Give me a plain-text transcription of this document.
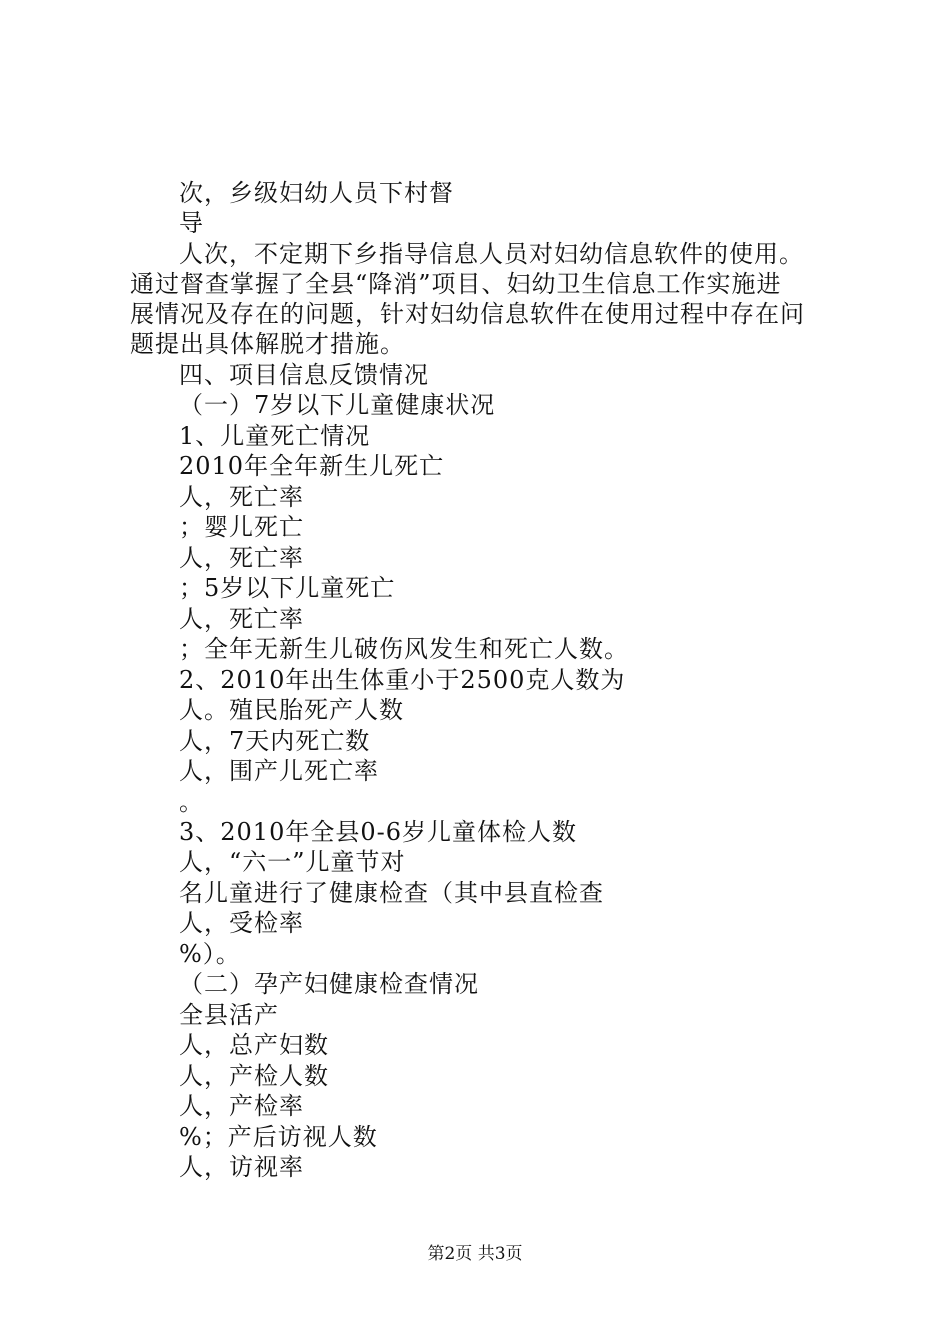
次，乡级妇幼人员下村督
导
人次，不定期下乡指导信息人员对妇幼信息软件的使用。
通过督查掌握了全县“降消”项目、妇幼卫生信息工作实施进
展情况及存在的问题，针对妇幼信息软件在使用过程中存在问
题提出具体解脱才措施。
四、项目信息反馈情况
（一）7岁以下儿童健康状况
1、儿童死亡情况
2010年全年新生儿死亡
人，死亡率
；婴儿死亡
人，死亡率
；5岁以下儿童死亡
人，死亡率
；全年无新生儿破伤风发生和死亡人数。
2、2010年出生体重小于2500克人数为
人。殖民胎死产人数
人，7天内死亡数
人，围产儿死亡率
。
3、2010年全县0-6岁儿童体检人数
人，“六一”儿童节对
名儿童进行了健康检查（其中县直检查
人，受检率
%）。
（二）孕产妇健康检查情况
全县活产
人，总产妇数
人，产检人数
人，产检率
%；产后访视人数
人，访视率
第2页 共3页
